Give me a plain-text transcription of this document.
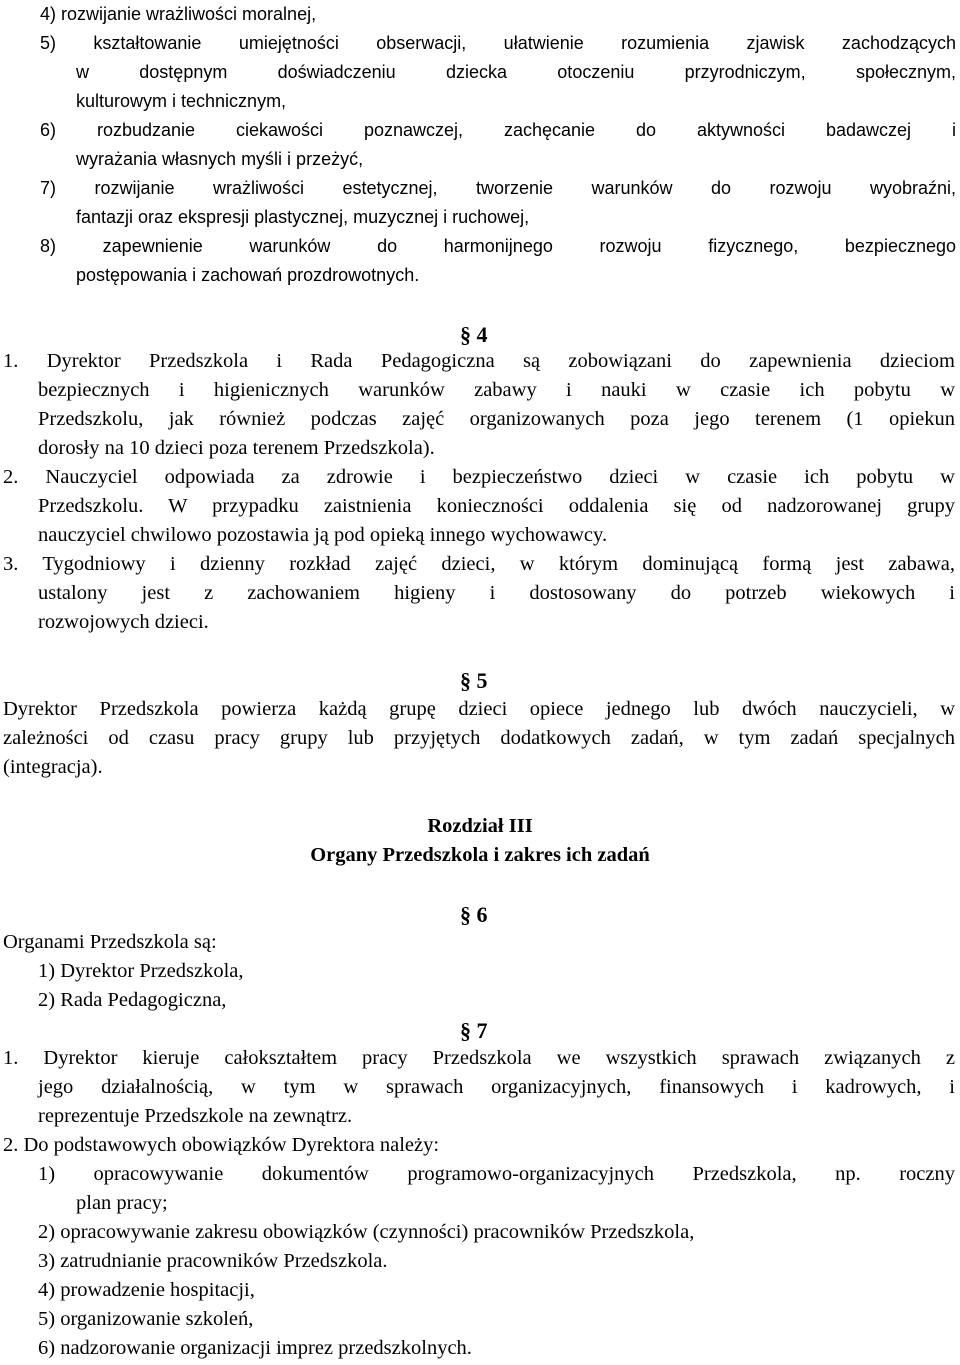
4) rozwijanie wrażliwości moralnej,
5) kształtowanie umiejętności obserwacji, ułatwienie rozumienia zjawisk zachodzących
w dostępnym doświadczeniu dziecka otoczeniu przyrodniczym, społecznym,
kulturowym i technicznym,
6) rozbudzanie ciekawości poznawczej, zachęcanie do aktywności badawczej i
wyrażania własnych myśli i przeżyć,
7) rozwijanie wrażliwości estetycznej, tworzenie warunków do rozwoju wyobraźni,
fantazji oraz ekspresji plastycznej, muzycznej i ruchowej,
8) zapewnienie warunków do harmonijnego rozwoju fizycznego, bezpiecznego
postępowania i zachowań prozdrowotnych.
§ 4
1. Dyrektor Przedszkola i Rada Pedagogiczna są zobowiązani do zapewnienia dzieciom
bezpiecznych i higienicznych warunków zabawy i nauki w czasie ich pobytu w
Przedszkolu, jak również podczas zajęć organizowanych poza jego terenem (1 opiekun
dorosły na 10 dzieci poza terenem Przedszkola).
2. Nauczyciel odpowiada za zdrowie i bezpieczeństwo dzieci w czasie ich pobytu w
Przedszkolu. W przypadku zaistnienia konieczności oddalenia się od nadzorowanej grupy
nauczyciel chwilowo pozostawia ją pod opieką innego wychowawcy.
3. Tygodniowy i dzienny rozkład zajęć dzieci, w którym dominującą formą jest zabawa,
ustalony jest z zachowaniem higieny i dostosowany do potrzeb wiekowych i
rozwojowych dzieci.
§ 5
Dyrektor Przedszkola powierza każdą grupę dzieci opiece jednego lub dwóch nauczycieli, w
zależności od czasu pracy grupy lub przyjętych dodatkowych zadań, w tym zadań specjalnych
(integracja).
Rozdział III
Organy Przedszkola i zakres ich zadań
§ 6
Organami Przedszkola są:
1) Dyrektor Przedszkola,
2) Rada Pedagogiczna,
§ 7
1. Dyrektor kieruje całokształtem pracy Przedszkola we wszystkich sprawach związanych z
jego działalnością, w tym w sprawach organizacyjnych, finansowych i kadrowych, i
reprezentuje Przedszkole na zewnątrz.
2. Do podstawowych obowiązków Dyrektora należy:
1) opracowywanie dokumentów programowo-organizacyjnych Przedszkola, np. roczny
plan pracy;
2) opracowywanie zakresu obowiązków (czynności) pracowników Przedszkola,
3) zatrudnianie pracowników Przedszkola.
4) prowadzenie hospitacji,
5) organizowanie szkoleń,
6) nadzorowanie organizacji imprez przedszkolnych.
